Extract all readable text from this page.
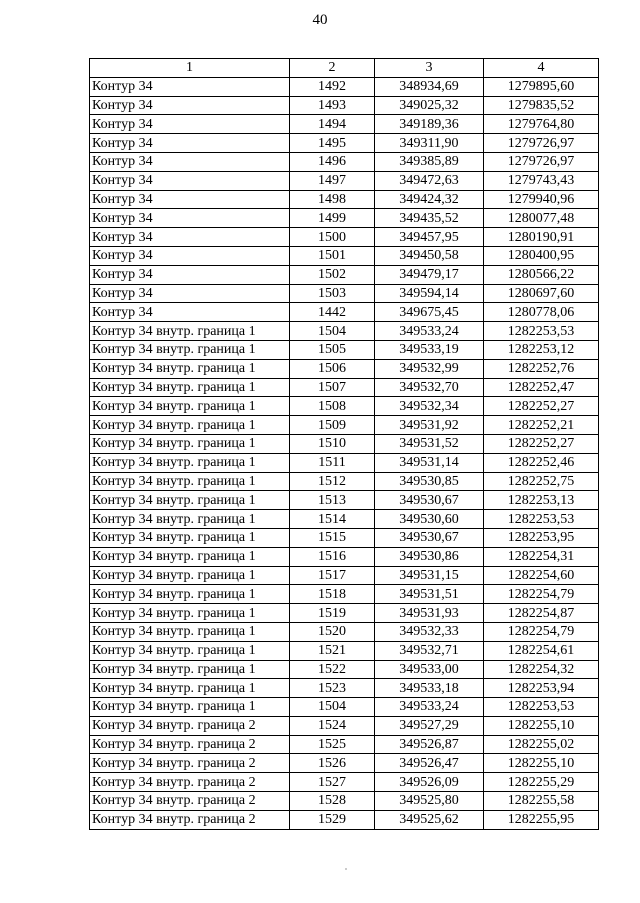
40
1	2	3	4
Контур 34	1492	348934,69	1279895,60
Контур 34	1493	349025,32	1279835,52
Контур 34	1494	349189,36	1279764,80
Контур 34	1495	349311,90	1279726,97
Контур 34	1496	349385,89	1279726,97
Контур 34	1497	349472,63	1279743,43
Контур 34	1498	349424,32	1279940,96
Контур 34	1499	349435,52	1280077,48
Контур 34	1500	349457,95	1280190,91
Контур 34	1501	349450,58	1280400,95
Контур 34	1502	349479,17	1280566,22
Контур 34	1503	349594,14	1280697,60
Контур 34	1442	349675,45	1280778,06
Контур 34 внутр. граница 1	1504	349533,24	1282253,53
Контур 34 внутр. граница 1	1505	349533,19	1282253,12
Контур 34 внутр. граница 1	1506	349532,99	1282252,76
Контур 34 внутр. граница 1	1507	349532,70	1282252,47
Контур 34 внутр. граница 1	1508	349532,34	1282252,27
Контур 34 внутр. граница 1	1509	349531,92	1282252,21
Контур 34 внутр. граница 1	1510	349531,52	1282252,27
Контур 34 внутр. граница 1	1511	349531,14	1282252,46
Контур 34 внутр. граница 1	1512	349530,85	1282252,75
Контур 34 внутр. граница 1	1513	349530,67	1282253,13
Контур 34 внутр. граница 1	1514	349530,60	1282253,53
Контур 34 внутр. граница 1	1515	349530,67	1282253,95
Контур 34 внутр. граница 1	1516	349530,86	1282254,31
Контур 34 внутр. граница 1	1517	349531,15	1282254,60
Контур 34 внутр. граница 1	1518	349531,51	1282254,79
Контур 34 внутр. граница 1	1519	349531,93	1282254,87
Контур 34 внутр. граница 1	1520	349532,33	1282254,79
Контур 34 внутр. граница 1	1521	349532,71	1282254,61
Контур 34 внутр. граница 1	1522	349533,00	1282254,32
Контур 34 внутр. граница 1	1523	349533,18	1282253,94
Контур 34 внутр. граница 1	1504	349533,24	1282253,53
Контур 34 внутр. граница 2	1524	349527,29	1282255,10
Контур 34 внутр. граница 2	1525	349526,87	1282255,02
Контур 34 внутр. граница 2	1526	349526,47	1282255,10
Контур 34 внутр. граница 2	1527	349526,09	1282255,29
Контур 34 внутр. граница 2	1528	349525,80	1282255,58
Контур 34 внутр. граница 2	1529	349525,62	1282255,95
